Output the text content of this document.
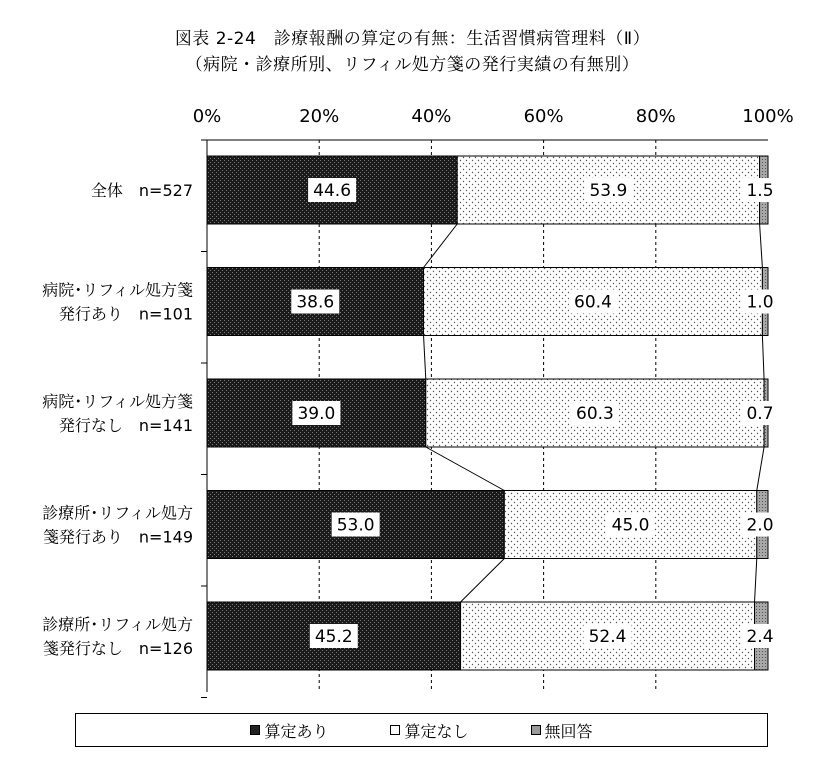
図表 2-24　診療報酬の算定の有無：生活習慣病管理料（Ⅱ）
（病院・診療所別、リフィル処方箋の発行実績の有無別）
44.6	53.9	1.5
38.6	60.4	1.0
39.0	60.3	0.7
53.0	45.0	2.0
45.2	52.4	2.4
0%	20%	40%	60%	80%	100%
全体　n=527
病院･リフィル処方箋
発行あり　n=101
病院･リフィル処方箋
発行なし　n=141
診療所･リフィル処方
箋発行あり　n=149
診療所･リフィル処方
箋発行なし　n=126
算定あり	算定なし	無回答
